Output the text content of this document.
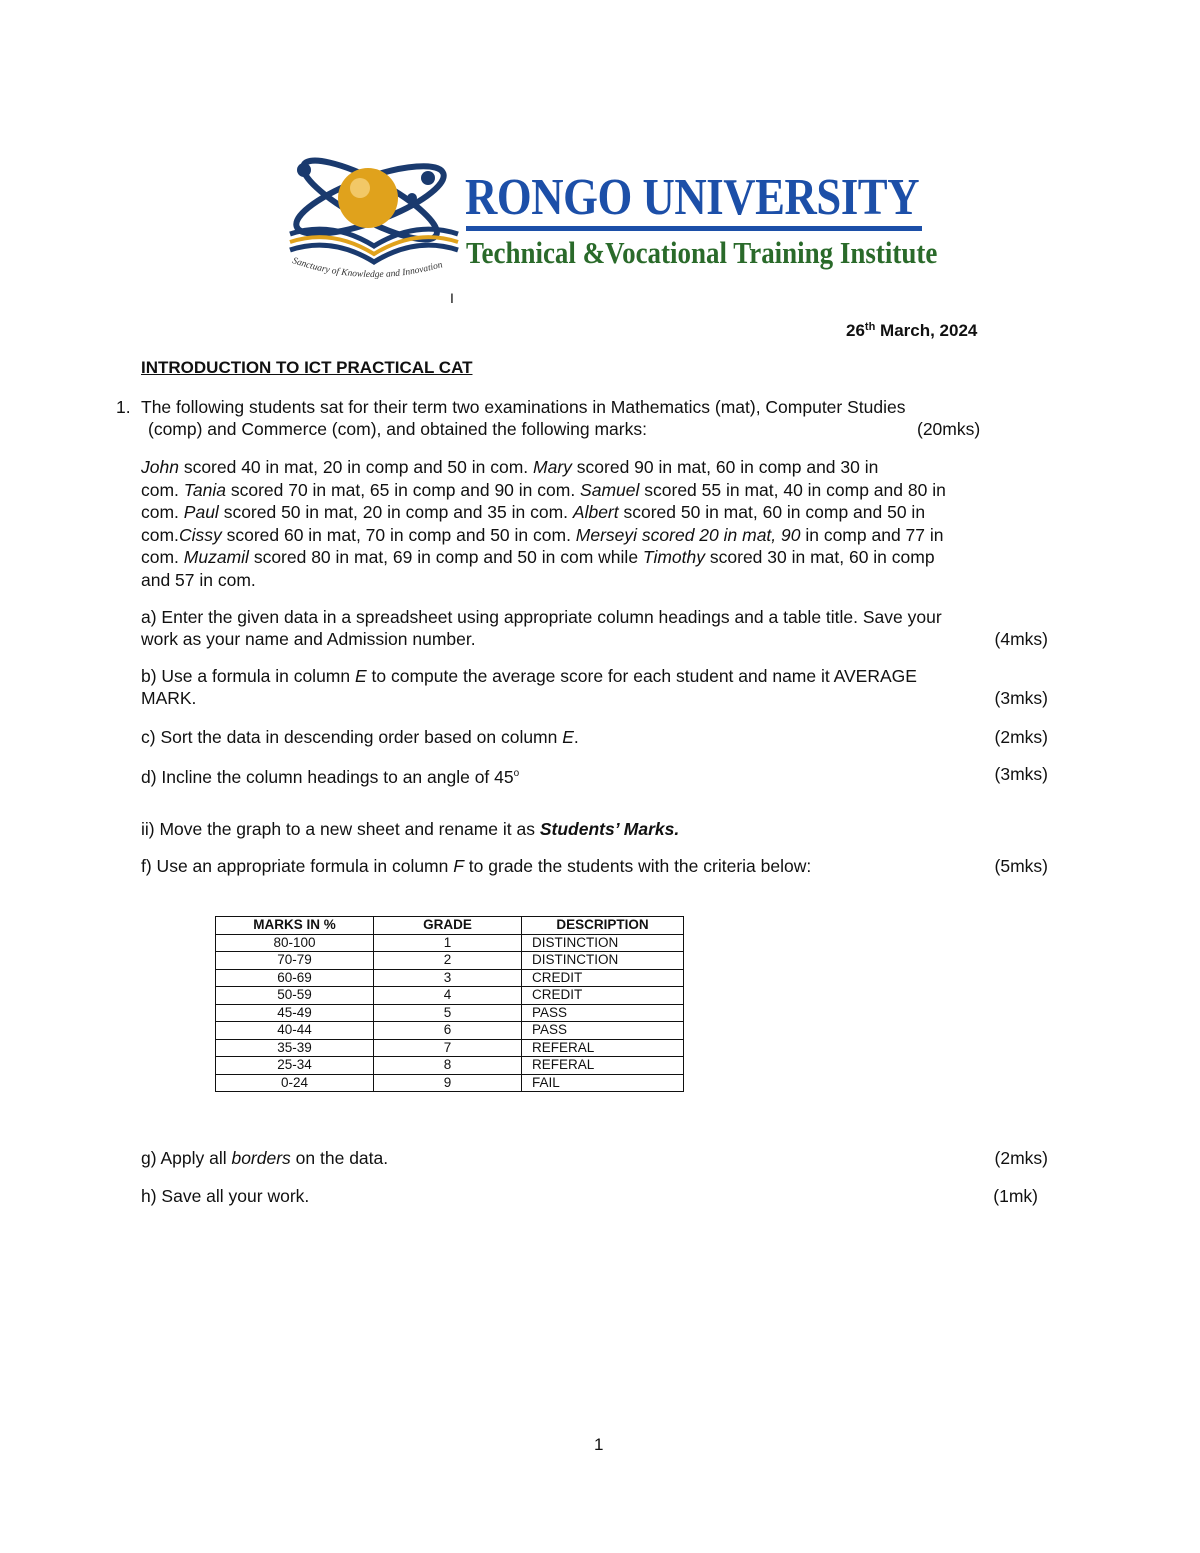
Sanctuary of Knowledge and Innovation
RONGO UNIVERSITY
Technical &Vocational Training Institute
I
26th March, 2024
INTRODUCTION TO ICT PRACTICAL CAT
1. The following students sat for their term two examinations in Mathematics (mat), Computer Studies
(comp) and Commerce (com), and obtained the following marks:	(20mks)

John scored 40 in mat, 20 in comp and 50 in com. Mary scored 90 in mat, 60 in comp and 30 in

com. Tania scored 70 in mat, 65 in comp and 90 in com. Samuel scored 55 in mat, 40 in comp and 80 in

com. Paul scored 50 in mat, 20 in comp and 35 in com. Albert scored 50 in mat, 60 in comp and 50 in

com.Cissy scored 60 in mat, 70 in comp and 50 in com. Merseyi scored 20 in mat, 90 in comp and 77 in

com. Muzamil scored 80 in mat, 69 in comp and 50 in com while Timothy scored 30 in mat, 60 in comp

and 57 in com.

a) Enter the given data in a spreadsheet using appropriate column headings and a table title. Save your
work as your name and Admission number.	(4mks)
b) Use a formula in column E to compute the average score for each student and name it AVERAGE
MARK.	(3mks)
c) Sort the data in descending order based on column E.	(2mks)
d) Incline the column headings to an angle of 45$^o$	(3mks)
ii) Move the graph to a new sheet and rename it as Students’ Marks.
f) Use an appropriate formula in column F to grade the students with the criteria below:	(5mks)
MARKS IN %	GRADE	DESCRIPTION
80-100	1	DISTINCTION
70-79	2	DISTINCTION
60-69	3	CREDIT
50-59	4	CREDIT
45-49	5	PASS
40-44	6	PASS
35-39	7	REFERAL
25-34	8	REFERAL
0-24	9	FAIL
g) Apply all borders on the data.	(2mks)
h) Save all your work.	(1mk)
1
